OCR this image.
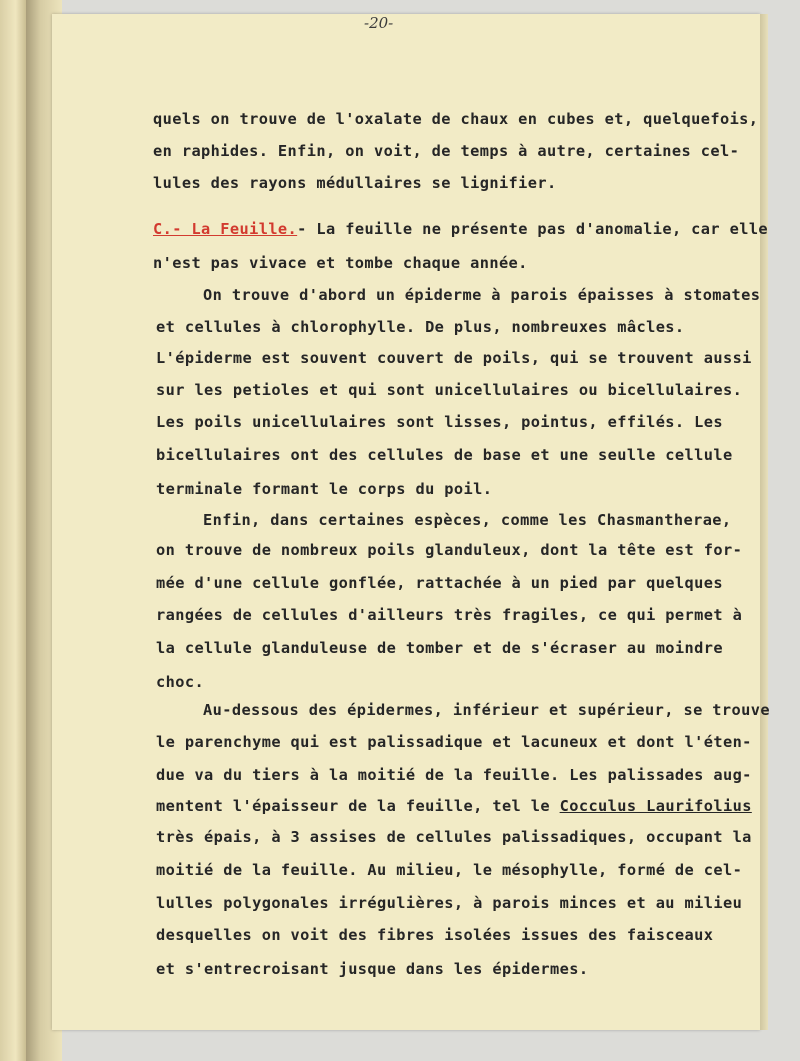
-20-
quels on trouve de l'oxalate de chaux en cubes et, quelquefois,
en raphides. Enfin, on voit, de temps à autre, certaines cel-
lules des rayons médullaires se lignifier.
C.- La Feuille.- La feuille ne présente pas d'anomalie, car elle
n'est pas vivace et tombe chaque année.
On trouve d'abord un épiderme à parois épaisses à stomates
et cellules à chlorophylle. De plus, nombreuxes mâcles.
L'épiderme est souvent couvert de poils, qui se trouvent aussi
sur les petioles et qui sont unicellulaires ou bicellulaires.
Les poils unicellulaires sont lisses, pointus, effilés. Les
bicellulaires ont des cellules de base et une seulle cellule
terminale formant le corps du poil.
Enfin, dans certaines espèces, comme les Chasmantherae,
on trouve de nombreux poils glanduleux, dont la tête est for-
mée d'une cellule gonflée, rattachée à un pied par quelques
rangées de cellules d'ailleurs très fragiles, ce qui permet à
la cellule glanduleuse de tomber et de s'écraser au moindre
choc.
Au-dessous des épidermes, inférieur et supérieur, se trouve
le parenchyme qui est palissadique et lacuneux et dont l'éten-
due va du tiers à la moitié de la feuille. Les palissades aug-
mentent l'épaisseur de la feuille, tel le Cocculus Laurifolius
très épais, à 3 assises de cellules palissadiques, occupant la
moitié de la feuille. Au milieu, le mésophylle, formé de cel-
lulles polygonales irrégulières, à parois minces et au milieu
desquelles on voit des fibres isolées issues des faisceaux
et s'entrecroisant jusque dans les épidermes.
